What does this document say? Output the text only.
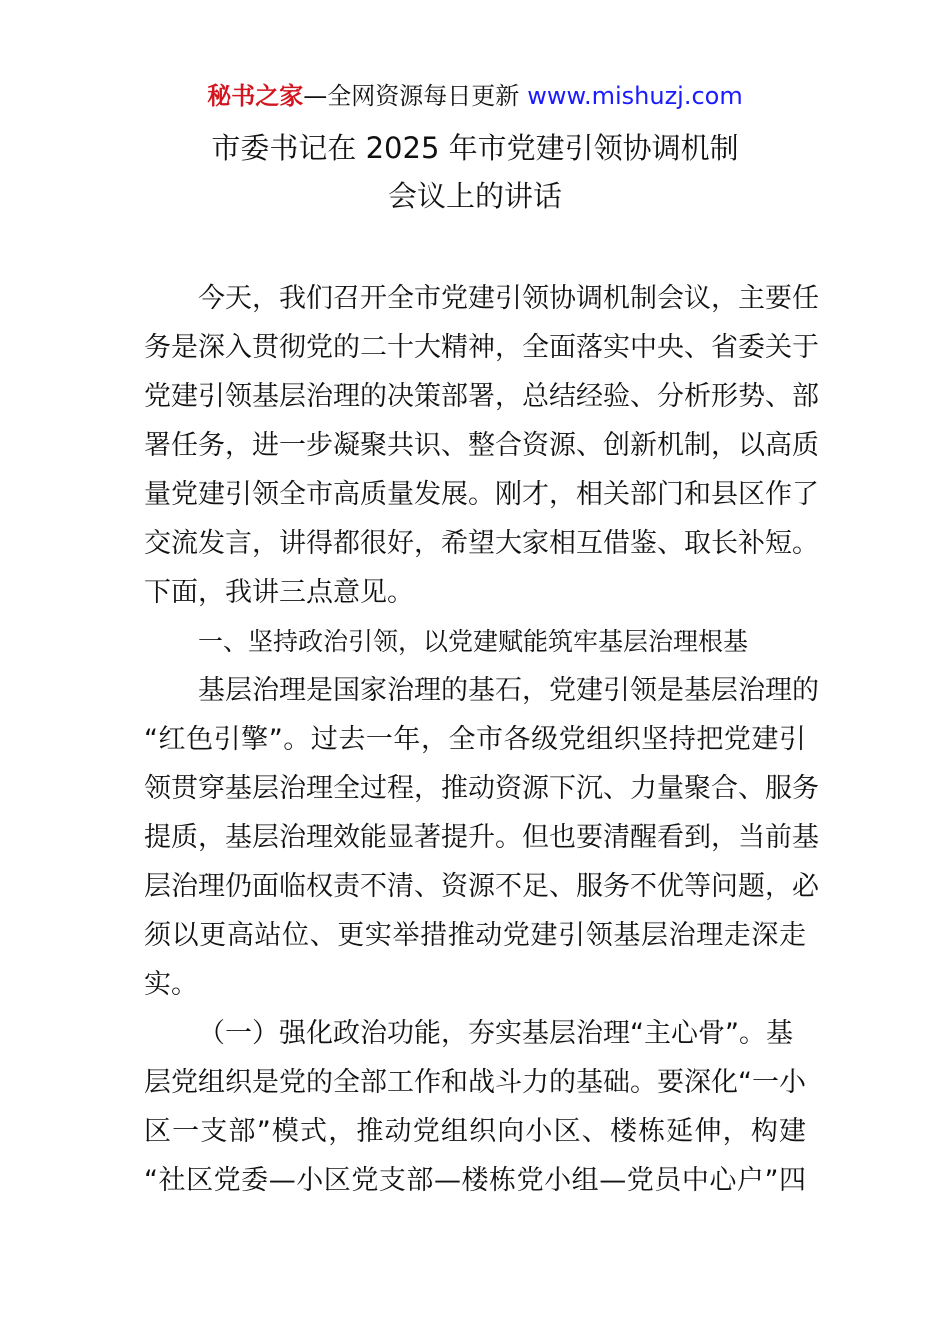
秘书之家—全网资源每日更新 www.mishuzj.com
市委书记在 2025 年市党建引领协调机制
会议上的讲话
今天，我们召开全市党建引领协调机制会议，主要任
务是深入贯彻党的二十大精神，全面落实中央、省委关于
党建引领基层治理的决策部署，总结经验、分析形势、部
署任务，进一步凝聚共识、整合资源、创新机制，以高质
量党建引领全市高质量发展。刚才，相关部门和县区作了
交流发言，讲得都很好，希望大家相互借鉴、取长补短。
下面，我讲三点意见。
一、坚持政治引领，以党建赋能筑牢基层治理根基
基层治理是国家治理的基石，党建引领是基层治理的
“红色引擎”。过去一年，全市各级党组织坚持把党建引
领贯穿基层治理全过程，推动资源下沉、力量聚合、服务
提质，基层治理效能显著提升。但也要清醒看到，当前基
层治理仍面临权责不清、资源不足、服务不优等问题，必
须以更高站位、更实举措推动党建引领基层治理走深走
实。
（一）强化政治功能，夯实基层治理“主心骨”。基
层党组织是党的全部工作和战斗力的基础。要深化“一小
区一支部”模式，推动党组织向小区、楼栋延伸，构建
“社区党委—小区党支部—楼栋党小组—党员中心户”四
